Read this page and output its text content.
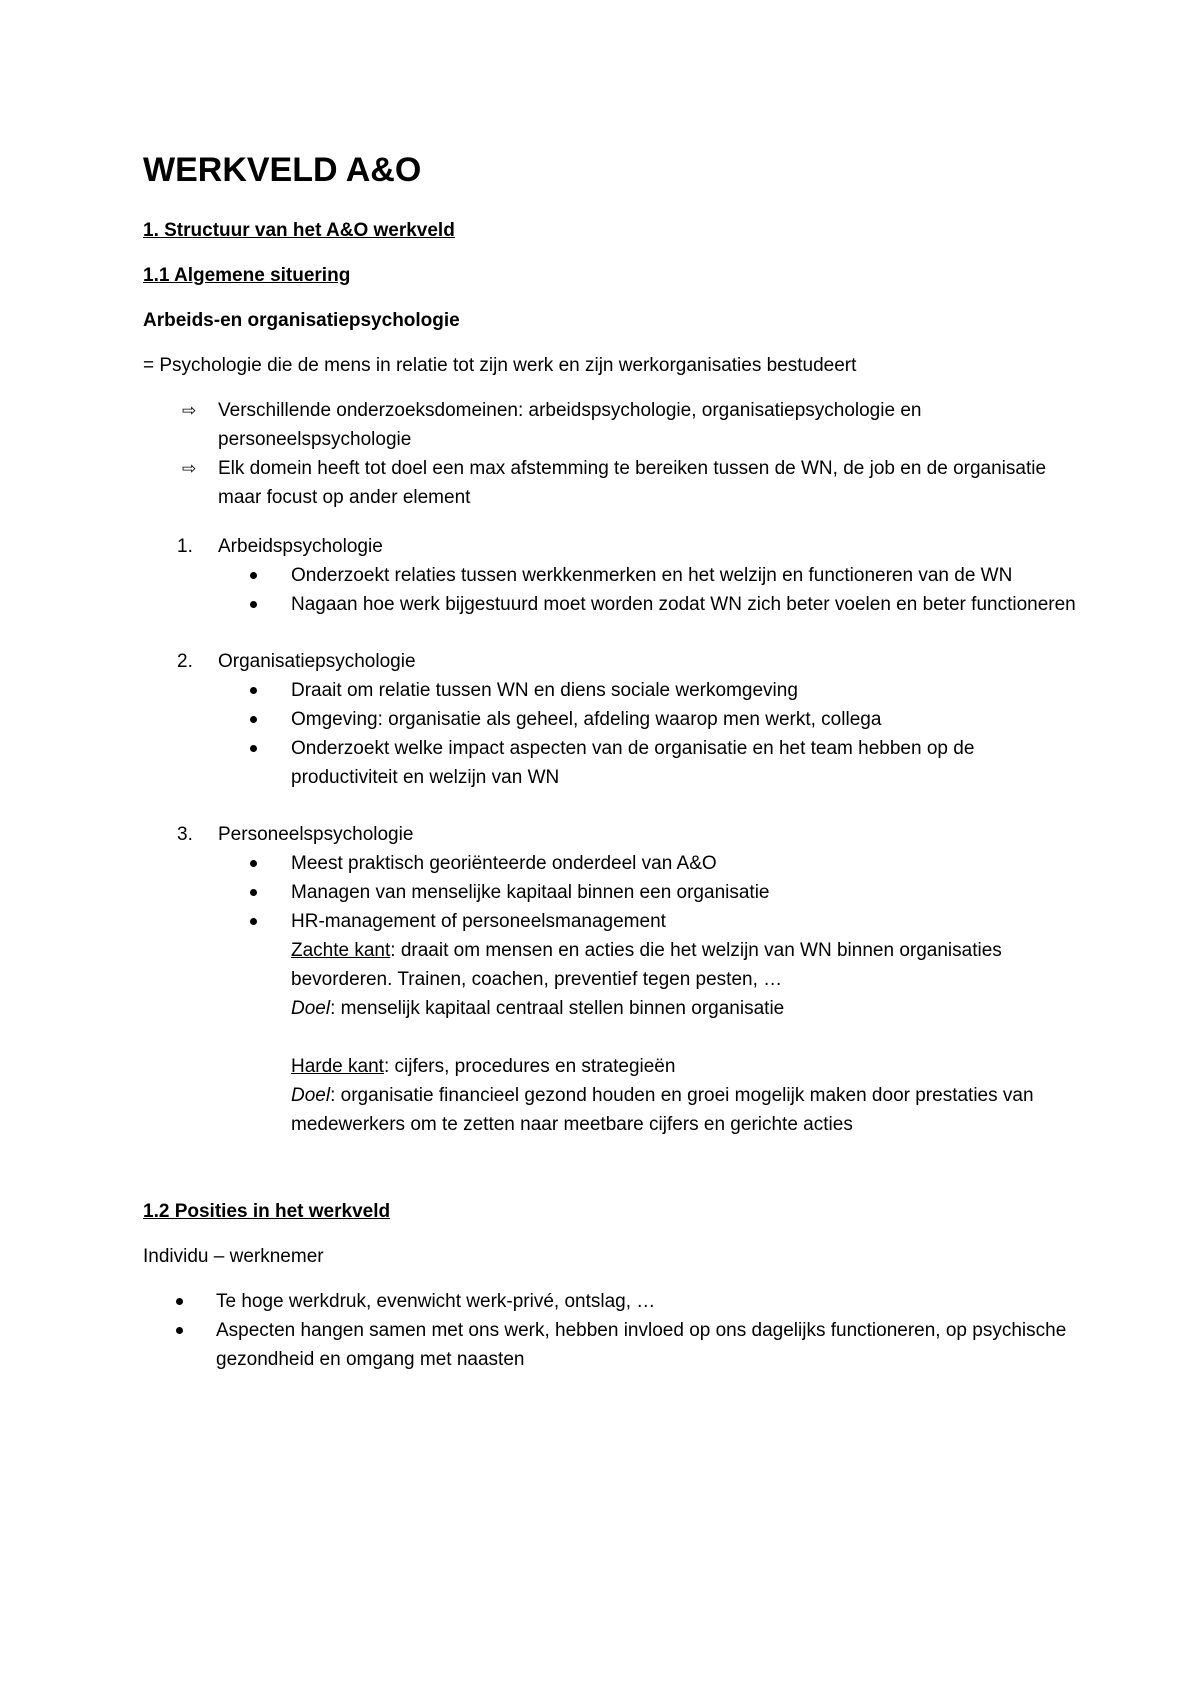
WERKVELD A&O
1. Structuur van het A&O werkveld
1.1 Algemene situering
Arbeids-en organisatiepsychologie
= Psychologie die de mens in relatie tot zijn werk en zijn werkorganisaties bestudeert
⇨ Verschillende onderzoeksdomeinen: arbeidspsychologie, organisatiepsychologie en personeelspsychologie
⇨ Elk domein heeft tot doel een max afstemming te bereiken tussen de WN, de job en de organisatie maar focust op ander element
1. Arbeidspsychologie
Onderzoekt relaties tussen werkkenmerken en het welzijn en functioneren van de WN
Nagaan hoe werk bijgestuurd moet worden zodat WN zich beter voelen en beter functioneren
2. Organisatiepsychologie
Draait om relatie tussen WN en diens sociale werkomgeving
Omgeving: organisatie als geheel, afdeling waarop men werkt, collega
Onderzoekt welke impact aspecten van de organisatie en het team hebben op de productiviteit en welzijn van WN
3. Personeelspsychologie
Meest praktisch georiënteerde onderdeel van A&O
Managen van menselijke kapitaal binnen een organisatie
HR-management of personeelsmanagement
Zachte kant: draait om mensen en acties die het welzijn van WN binnen organisaties bevorderen. Trainen, coachen, preventief tegen pesten, …
Doel: menselijk kapitaal centraal stellen binnen organisatie
Harde kant: cijfers, procedures en strategieën
Doel: organisatie financieel gezond houden en groei mogelijk maken door prestaties van medewerkers om te zetten naar meetbare cijfers en gerichte acties
1.2 Posities in het werkveld
Individu – werknemer
Te hoge werkdruk, evenwicht werk-privé, ontslag, …
Aspecten hangen samen met ons werk, hebben invloed op ons dagelijks functioneren, op psychische gezondheid en omgang met naasten
